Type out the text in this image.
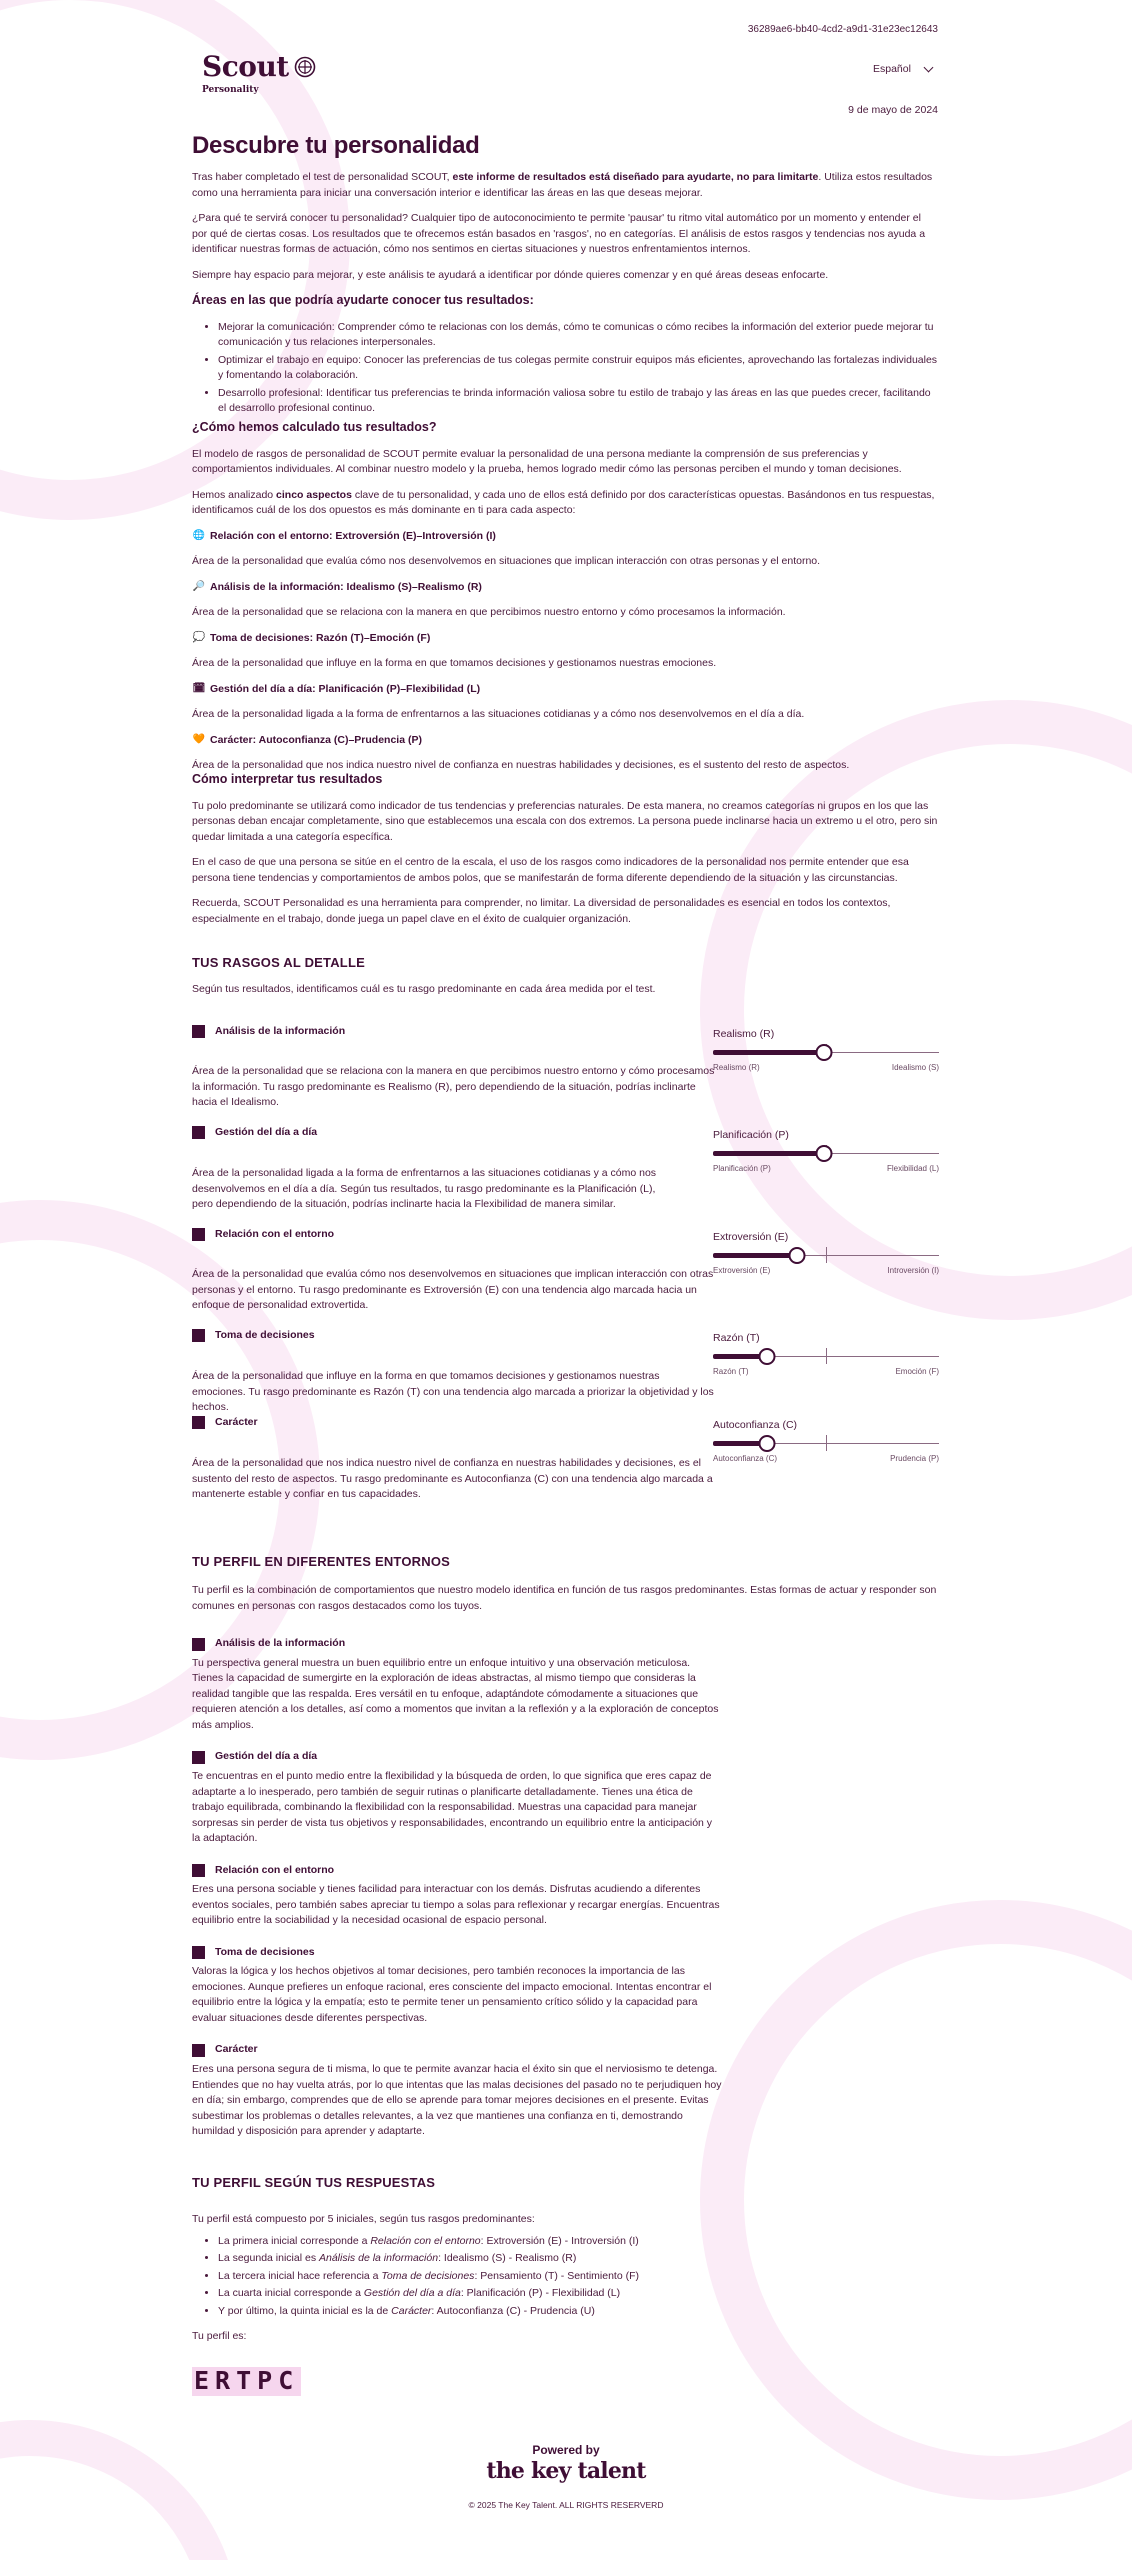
36289ae6-bb40-4cd2-a9d1-31e23ec12643
Scout
Personality
Español
9 de mayo de 2024
Descubre tu personalidad

Tras haber completado el test de personalidad SCOUT, este informe de resultados está diseñado para ayudarte, no para limitarte. Utiliza estos resultados como una herramienta para iniciar una conversación interior e identificar las áreas en las que deseas mejorar.

¿Para qué te servirá conocer tu personalidad? Cualquier tipo de autoconocimiento te permite 'pausar' tu ritmo vital automático por un momento y entender el por qué de ciertas cosas. Los resultados que te ofrecemos están basados en 'rasgos', no en categorías. El análisis de estos rasgos y tendencias nos ayuda a identificar nuestras formas de actuación, cómo nos sentimos en ciertas situaciones y nuestros enfrentamientos internos.

Siempre hay espacio para mejorar, y este análisis te ayudará a identificar por dónde quieres comenzar y en qué áreas deseas enfocarte.

Áreas en las que podría ayudarte conocer tus resultados:
• Mejorar la comunicación: Comprender cómo te relacionas con los demás, cómo te comunicas o cómo recibes la información del exterior puede mejorar tu comunicación y tus relaciones interpersonales.
• Optimizar el trabajo en equipo: Conocer las preferencias de tus colegas permite construir equipos más eficientes, aprovechando las fortalezas individuales y fomentando la colaboración.
• Desarrollo profesional: Identificar tus preferencias te brinda información valiosa sobre tu estilo de trabajo y las áreas en las que puedes crecer, facilitando el desarrollo profesional continuo.
¿Cómo hemos calculado tus resultados?

El modelo de rasgos de personalidad de SCOUT permite evaluar la personalidad de una persona mediante la comprensión de sus preferencias y comportamientos individuales. Al combinar nuestro modelo y la prueba, hemos logrado medir cómo las personas perciben el mundo y toman decisiones.

Hemos analizado cinco aspectos clave de tu personalidad, y cada uno de ellos está definido por dos características opuestas. Basándonos en tus respuestas, identificamos cuál de los dos opuestos es más dominante en ti para cada aspecto:

🌐 Relación con el entorno: Extroversión (E)–Introversión (I)

Área de la personalidad que evalúa cómo nos desenvolvemos en situaciones que implican interacción con otras personas y el entorno.

🔎 Análisis de la información: Idealismo (S)–Realismo (R)

Área de la personalidad que se relaciona con la manera en que percibimos nuestro entorno y cómo procesamos la información.

💭 Toma de decisiones: Razón (T)–Emoción (F)

Área de la personalidad que influye en la forma en que tomamos decisiones y gestionamos nuestras emociones.

🗓 Gestión del día a día: Planificación (P)–Flexibilidad (L)

Área de la personalidad ligada a la forma de enfrentarnos a las situaciones cotidianas y a cómo nos desenvolvemos en el día a día.

🧡 Carácter: Autoconfianza (C)–Prudencia (P)

Área de la personalidad que nos indica nuestro nivel de confianza en nuestras habilidades y decisiones, es el sustento del resto de aspectos.

Cómo interpretar tus resultados

Tu polo predominante se utilizará como indicador de tus tendencias y preferencias naturales. De esta manera, no creamos categorías ni grupos en los que las personas deban encajar completamente, sino que establecemos una escala con dos extremos. La persona puede inclinarse hacia un extremo u el otro, pero sin quedar limitada a una categoría específica.

En el caso de que una persona se sitúe en el centro de la escala, el uso de los rasgos como indicadores de la personalidad nos permite entender que esa persona tiene tendencias y comportamientos de ambos polos, que se manifestarán de forma diferente dependiendo de la situación y las circunstancias.

Recuerda, SCOUT Personalidad es una herramienta para comprender, no limitar. La diversidad de personalidades es esencial en todos los contextos, especialmente en el trabajo, donde juega un papel clave en el éxito de cualquier organización.

TUS RASGOS AL DETALLE

Según tus resultados, identificamos cuál es tu rasgo predominante en cada área medida por el test.

Análisis de la información
Área de la personalidad que se relaciona con la manera en que percibimos nuestro entorno y cómo procesamos la información. Tu rasgo predominante es Realismo (R), pero dependiendo de la situación, podrías inclinarte hacia el Idealismo.
Realismo (R)
Realismo (R)	Idealismo (S)
Gestión del día a día
Área de la personalidad ligada a la forma de enfrentarnos a las situaciones cotidianas y a cómo nos desenvolvemos en el día a día. Según tus resultados, tu rasgo predominante es la Planificación (L), pero dependiendo de la situación, podrías inclinarte hacia la Flexibilidad de manera similar.
Planificación (P)
Planificación (P)	Flexibilidad (L)
Relación con el entorno
Área de la personalidad que evalúa cómo nos desenvolvemos en situaciones que implican interacción con otras personas y el entorno. Tu rasgo predominante es Extroversión (E) con una tendencia algo marcada hacia un enfoque de personalidad extrovertida.
Extroversión (E)
Extroversión (E)	Introversión (I)
Toma de decisiones
Área de la personalidad que influye en la forma en que tomamos decisiones y gestionamos nuestras emociones. Tu rasgo predominante es Razón (T) con una tendencia algo marcada a priorizar la objetividad y los hechos.
Razón (T)
Razón (T)	Emoción (F)
Carácter
Área de la personalidad que nos indica nuestro nivel de confianza en nuestras habilidades y decisiones, es el sustento del resto de aspectos. Tu rasgo predominante es Autoconfianza (C) con una tendencia algo marcada a mantenerte estable y confiar en tus capacidades.
Autoconfianza (C)
Autoconfianza (C)	Prudencia (P)
TU PERFIL EN DIFERENTES ENTORNOS

Tu perfil es la combinación de comportamientos que nuestro modelo identifica en función de tus rasgos predominantes. Estas formas de actuar y responder son comunes en personas con rasgos destacados como los tuyos.

Análisis de la información

Tu perspectiva general muestra un buen equilibrio entre un enfoque intuitivo y una observación meticulosa. Tienes la capacidad de sumergirte en la exploración de ideas abstractas, al mismo tiempo que consideras la realidad tangible que las respalda. Eres versátil en tu enfoque, adaptándote cómodamente a situaciones que requieren atención a los detalles, así como a momentos que invitan a la reflexión y a la exploración de conceptos más amplios.

Gestión del día a día

Te encuentras en el punto medio entre la flexibilidad y la búsqueda de orden, lo que significa que eres capaz de adaptarte a lo inesperado, pero también de seguir rutinas o planificarte detalladamente. Tienes una ética de trabajo equilibrada, combinando la flexibilidad con la responsabilidad. Muestras una capacidad para manejar sorpresas sin perder de vista tus objetivos y responsabilidades, encontrando un equilibrio entre la anticipación y la adaptación.

Relación con el entorno

Eres una persona sociable y tienes facilidad para interactuar con los demás. Disfrutas acudiendo a diferentes eventos sociales, pero también sabes apreciar tu tiempo a solas para reflexionar y recargar energías. Encuentras equilibrio entre la sociabilidad y la necesidad ocasional de espacio personal.

Toma de decisiones

Valoras la lógica y los hechos objetivos al tomar decisiones, pero también reconoces la importancia de las emociones. Aunque prefieres un enfoque racional, eres consciente del impacto emocional. Intentas encontrar el equilibrio entre la lógica y la empatía; esto te permite tener un pensamiento crítico sólido y la capacidad para evaluar situaciones desde diferentes perspectivas.

Carácter

Eres una persona segura de ti misma, lo que te permite avanzar hacia el éxito sin que el nerviosismo te detenga. Entiendes que no hay vuelta atrás, por lo que intentas que las malas decisiones del pasado no te perjudiquen hoy en día; sin embargo, comprendes que de ello se aprende para tomar mejores decisiones en el presente. Evitas subestimar los problemas o detalles relevantes, a la vez que mantienes una confianza en ti, demostrando humildad y disposición para aprender y adaptarte.

TU PERFIL SEGÚN TUS RESPUESTAS

Tu perfil está compuesto por 5 iniciales, según tus rasgos predominantes:

• La primera inicial corresponde a Relación con el entorno: Extroversión (E) - Introversión (I)
• La segunda inicial es Análisis de la información: Idealismo (S) - Realismo (R)
• La tercera inicial hace referencia a Toma de decisiones: Pensamiento (T) - Sentimiento (F)
• La cuarta inicial corresponde a Gestión del día a día: Planificación (P) - Flexibilidad (L)
• Y por último, la quinta inicial es la de Carácter: Autoconfianza (C) - Prudencia (U)

Tu perfil es:

ERTPC
Powered by
the key talent
© 2025 The Key Talent. ALL RIGHTS RESERVERD
